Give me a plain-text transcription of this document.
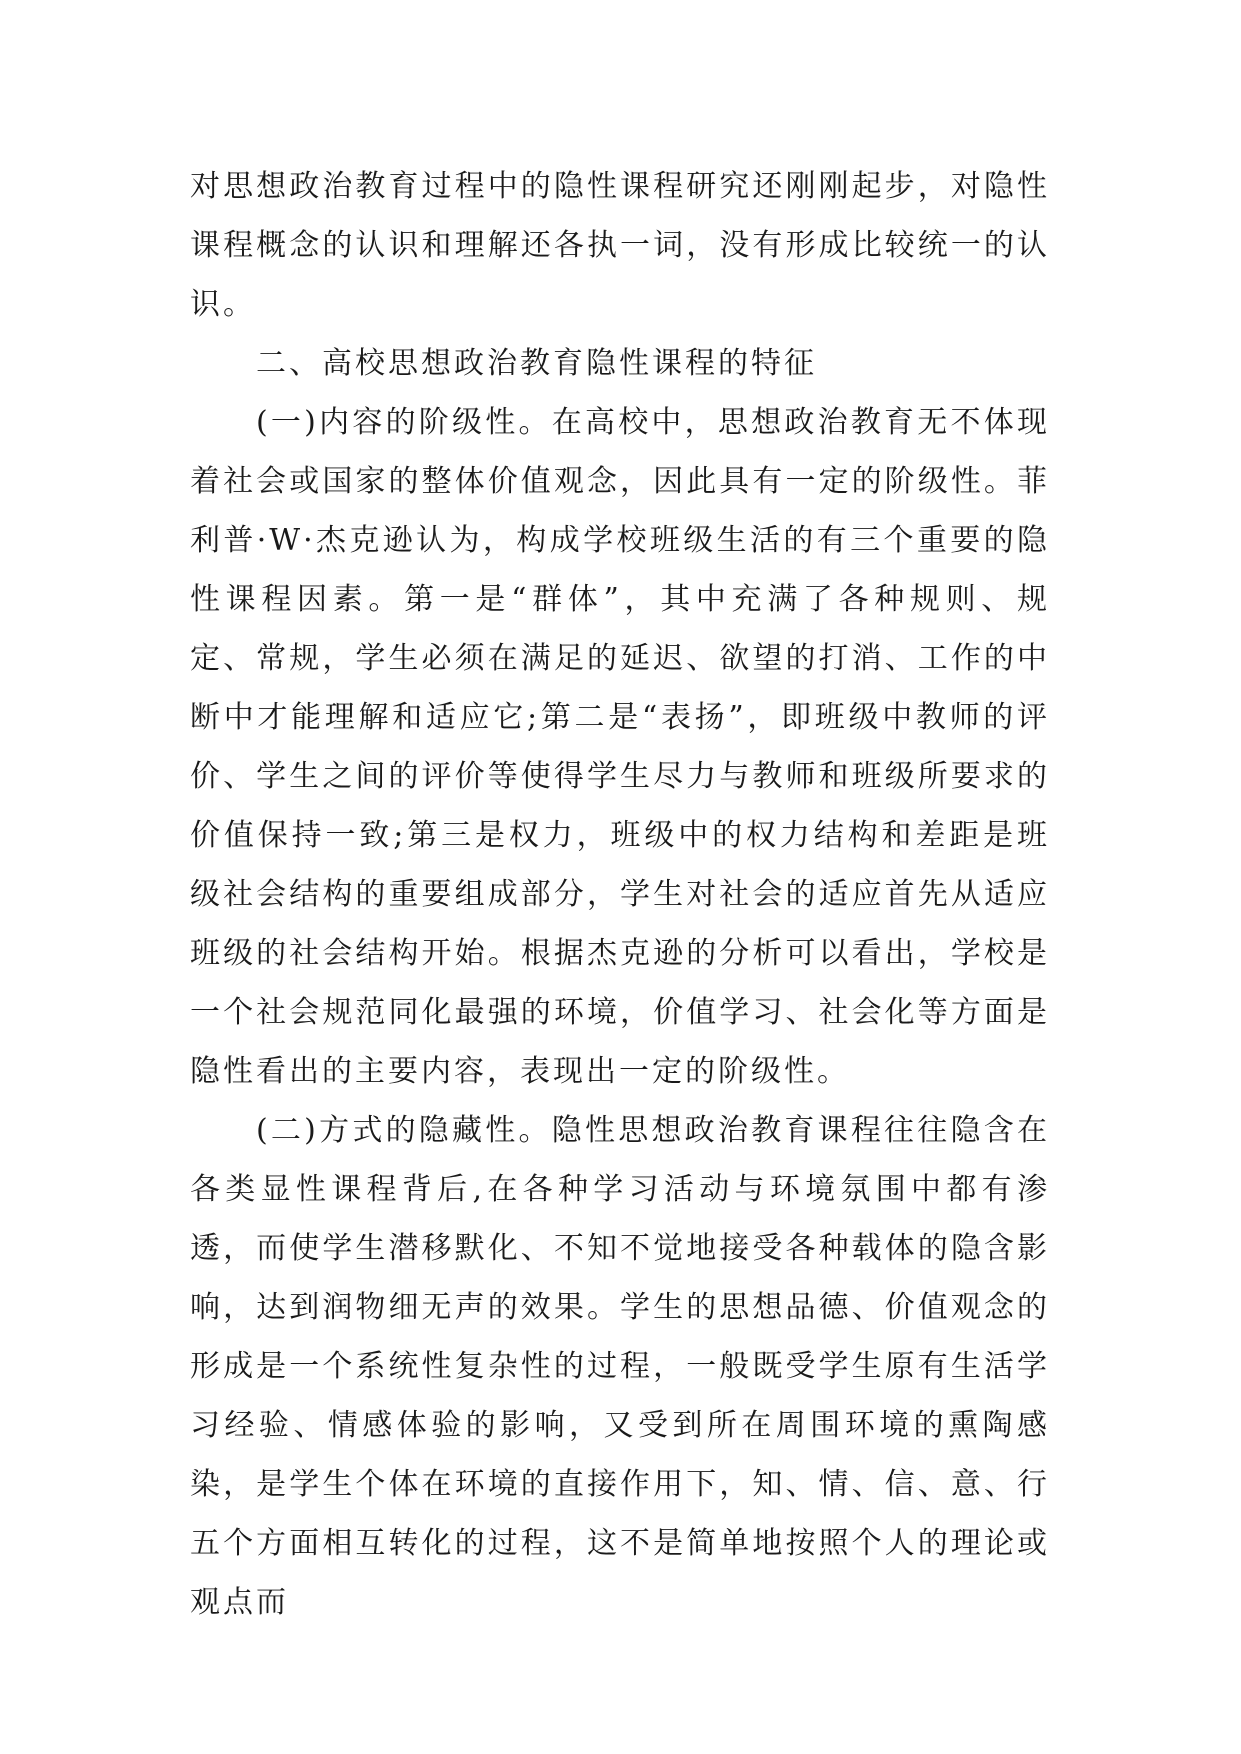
对思想政治教育过程中的隐性课程研究还刚刚起步，对隐性课程概念的认识和理解还各执一词，没有形成比较统一的认识。

二、高校思想政治教育隐性课程的特征

(一)内容的阶级性。在高校中，思想政治教育无不体现着社会或国家的整体价值观念，因此具有一定的阶级性。菲利普·W·杰克逊认为，构成学校班级生活的有三个重要的隐性课程因素。第一是“群体”，其中充满了各种规则、规定、常规，学生必须在满足的延迟、欲望的打消、工作的中断中才能理解和适应它;第二是“表扬”，即班级中教师的评价、学生之间的评价等使得学生尽力与教师和班级所要求的价值保持一致;第三是权力，班级中的权力结构和差距是班级社会结构的重要组成部分，学生对社会的适应首先从适应班级的社会结构开始。根据杰克逊的分析可以看出，学校是一个社会规范同化最强的环境，价值学习、社会化等方面是隐性看出的主要内容，表现出一定的阶级性。

(二)方式的隐藏性。隐性思想政治教育课程往往隐含在各类显性课程背后,在各种学习活动与环境氛围中都有渗透，而使学生潜移默化、不知不觉地接受各种载体的隐含影响，达到润物细无声的效果。学生的思想品德、价值观念的形成是一个系统性复杂性的过程，一般既受学生原有生活学习经验、情感体验的影响，又受到所在周围环境的熏陶感染，是学生个体在环境的直接作用下，知、情、信、意、行五个方面相互转化的过程，这不是简单地按照个人的理论或观点而
